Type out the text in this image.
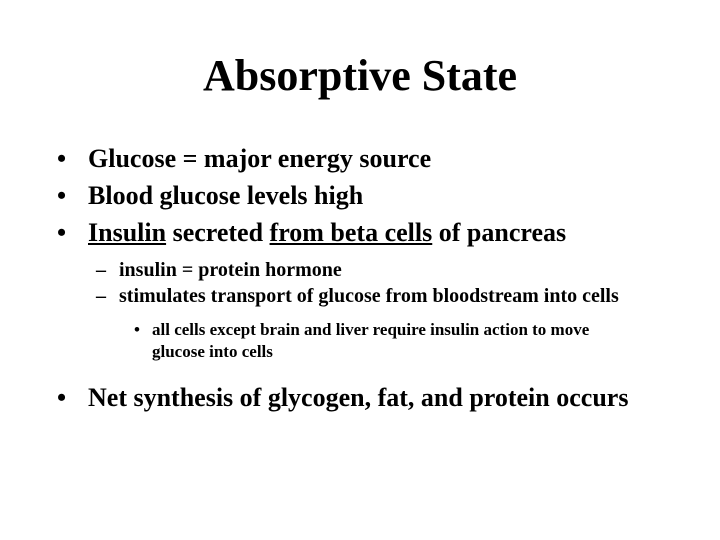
Absorptive State
• Glucose = major energy source
• Blood glucose levels high
• Insulin secreted from beta cells of pancreas
– insulin = protein hormone
– stimulates transport of glucose from bloodstream into cells
• all cells except brain and liver require insulin action to move glucose into cells
• Net synthesis of glycogen, fat, and protein occurs
